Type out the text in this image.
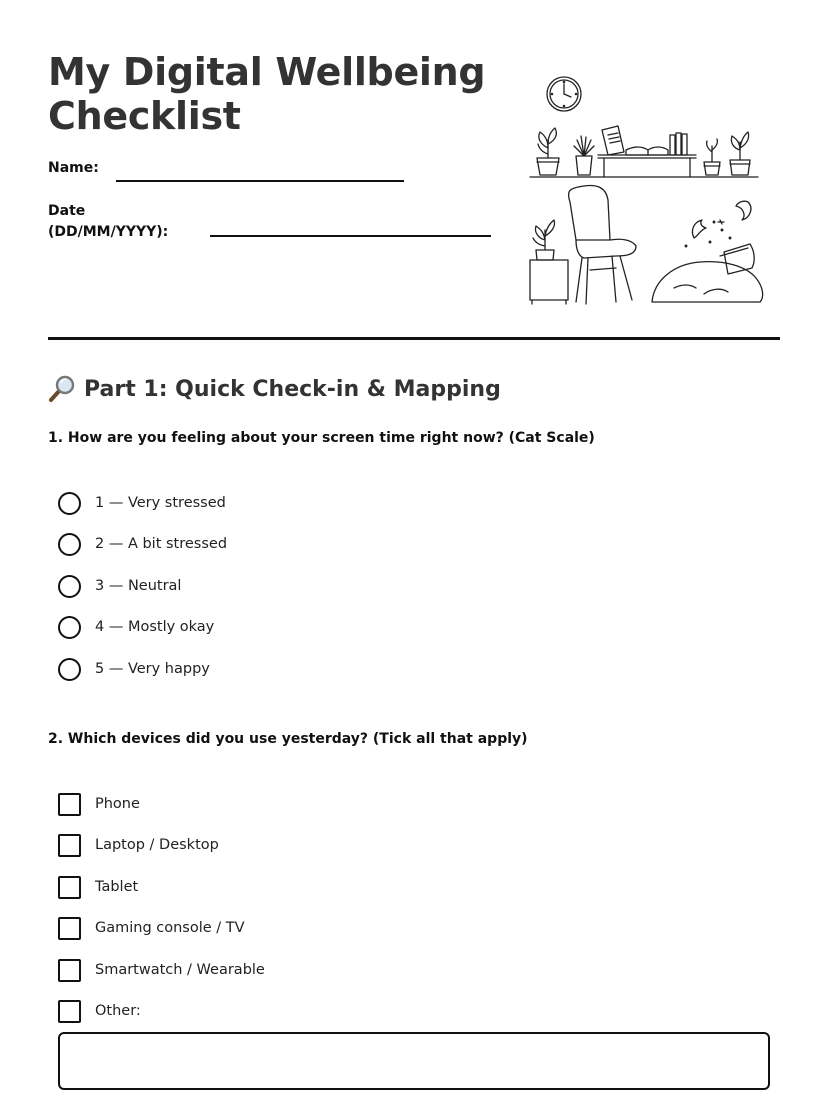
My Digital Wellbeing
Checklist
Name:
Date
(DD/MM/YYYY):
Part 1: Quick Check-in & Mapping
1. How are you feeling about your screen time right now? (Cat Scale)
1 — Very stressed
2 — A bit stressed
3 — Neutral
4 — Mostly okay
5 — Very happy
2. Which devices did you use yesterday? (Tick all that apply)
Phone
Laptop / Desktop
Tablet
Gaming console / TV
Smartwatch / Wearable
Other:
